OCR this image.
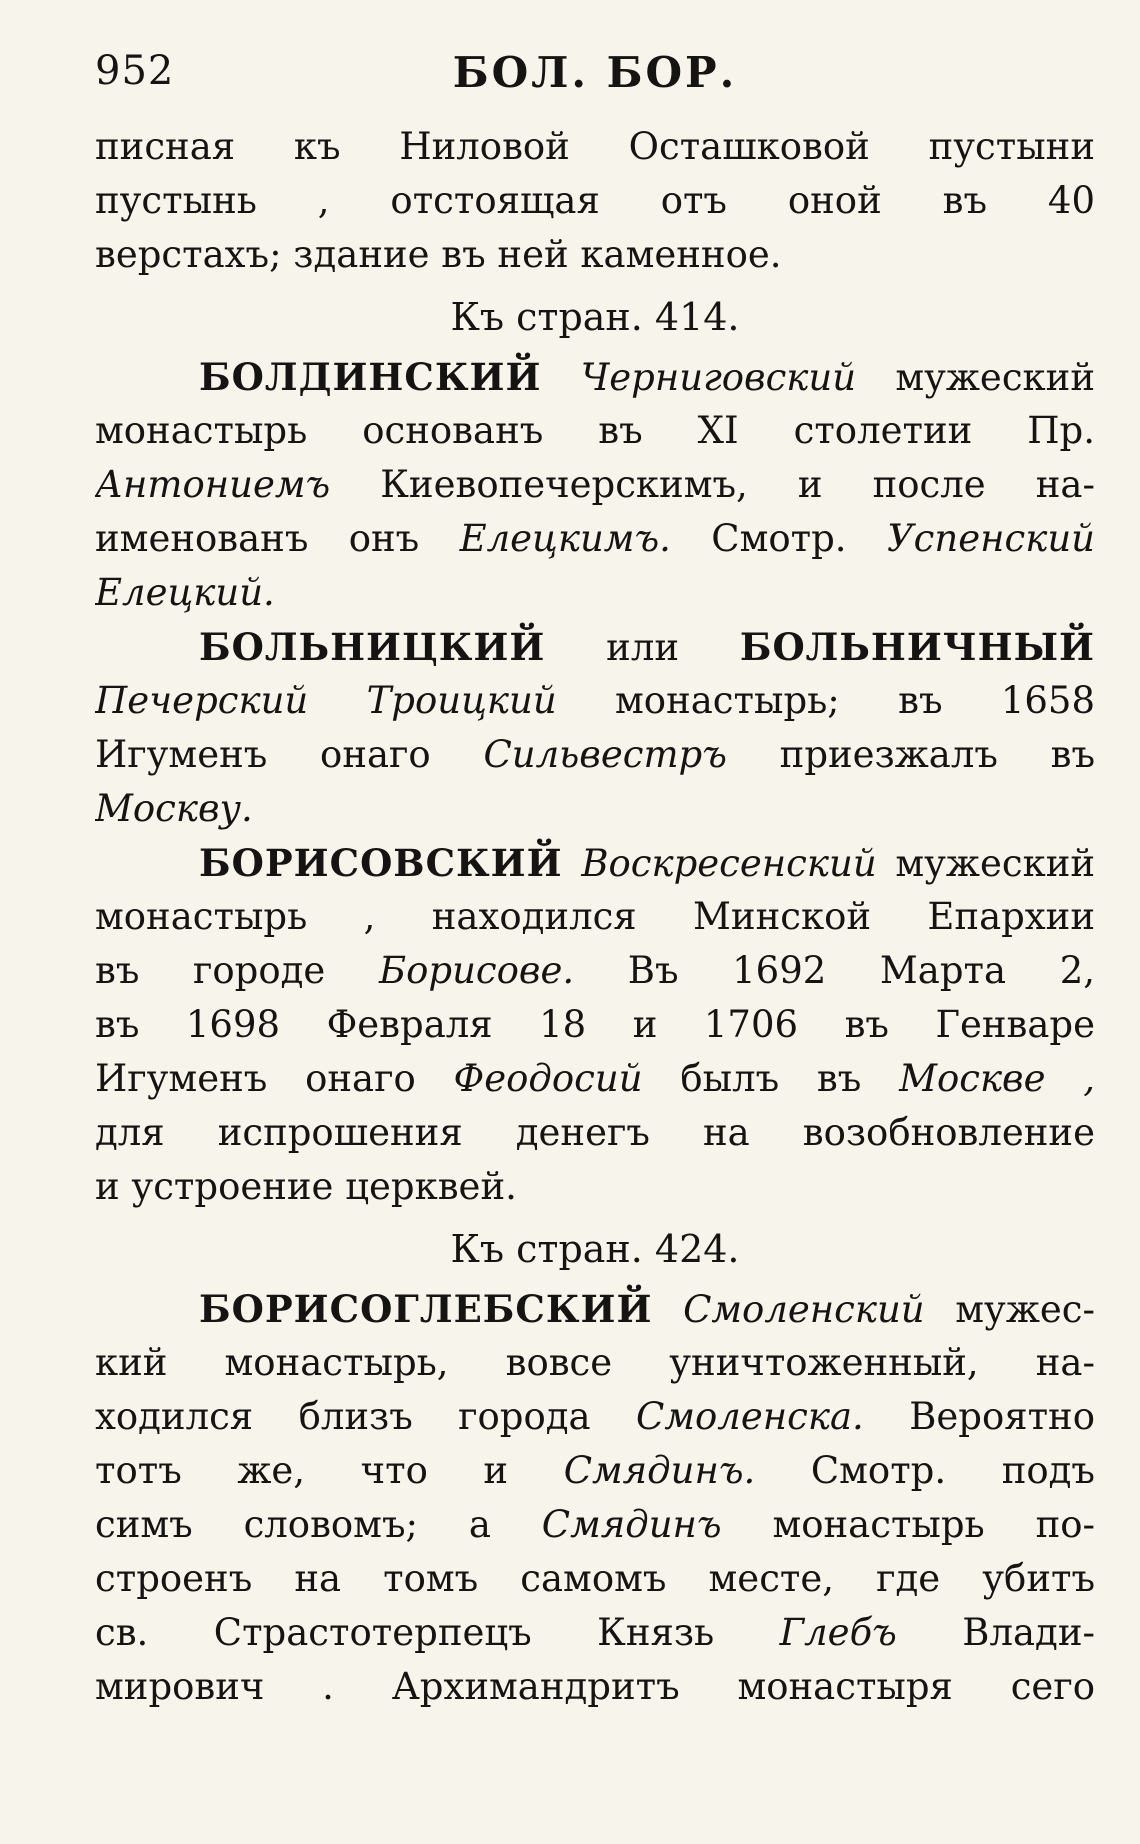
952	БОЛ. БОР.
писная къ Ниловой Осташковой пустыни
пустынь , отстоящая отъ оной въ 40
верстахъ; здание въ ней каменное.
Къ стран. 414.
БОЛДИНСКИЙ Черниговский мужеский
монастырь основанъ въ XI столетии Пр.
Антониемъ Киевопечерскимъ, и после на-
именованъ онъ Елецкимъ. Смотр. Успенский
Елецкий.
БОЛЬНИЦКИЙ или БОЛЬНИЧНЫЙ
Печерский Троицкий монастырь; въ 1658
Игуменъ онаго Сильвестръ приезжалъ въ
Москву.
БОРИСОВСКИЙ Воскресенский мужеский
монастырь , находился Минской Епархии
въ городе Борисове. Въ 1692 Марта 2,
въ 1698 Февраля 18 и 1706 въ Генваре
Игуменъ онаго Феодосий былъ въ Москве ,
для испрошения денегъ на возобновление
и устроение церквей.
Къ стран. 424.
БОРИСОГЛЕБСКИЙ Смоленский мужес-
кий монастырь, вовсе уничтоженный, на-
ходился близъ города Смоленска. Вероятно
тотъ же, что и Смядинъ. Смотр. подъ
симъ словомъ; а Смядинъ монастырь по-
строенъ на томъ самомъ месте, где убитъ
св. Страстотерпецъ Князь Глебъ Влади-
мирович . Архимандритъ монастыря сего
